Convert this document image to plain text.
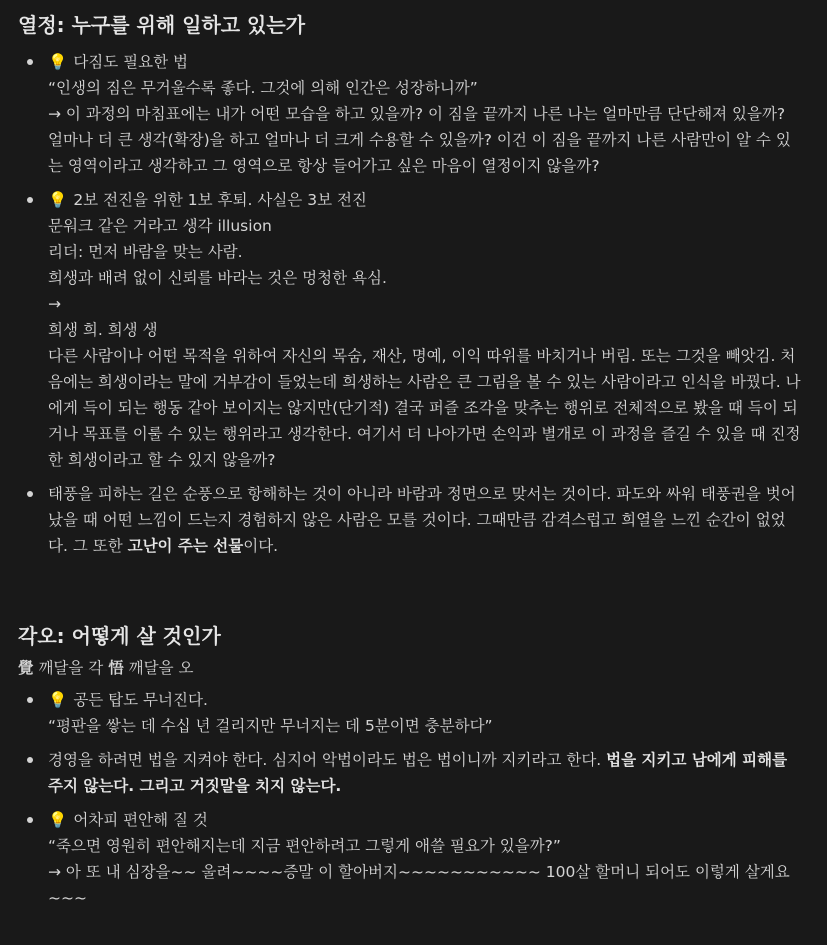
열정: 누구를 위해 일하고 있는가
💡 다짐도 필요한 법
“인생의 짐은 무거울수록 좋다. 그것에 의해 인간은 성장하니까”
→ 이 과정의 마침표에는 내가 어떤 모습을 하고 있을까? 이 짐을 끝까지 나른 나는 얼마만큼 단단해져 있을까? 얼마나 더 큰 생각(확장)을 하고 얼마나 더 크게 수용할 수 있을까? 이건 이 짐을 끝까지 나른 사람만이 알 수 있는 영역이라고 생각하고 그 영역으로 항상 들어가고 싶은 마음이 열정이지 않을까?
💡 2보 전진을 위한 1보 후퇴. 사실은 3보 전진
문워크 같은 거라고 생각 illusion
리더: 먼저 바람을 맞는 사람.
희생과 배려 없이 신뢰를 바라는 것은 멍청한 욕심.
→
희생 희. 희생 생
다른 사람이나 어떤 목적을 위하여 자신의 목숨, 재산, 명예, 이익 따위를 바치거나 버림. 또는 그것을 빼앗김. 처음에는 희생이라는 말에 거부감이 들었는데 희생하는 사람은 큰 그림을 볼 수 있는 사람이라고 인식을 바꿨다. 나에게 득이 되는 행동 같아 보이지는 않지만(단기적) 결국 퍼즐 조각을 맞추는 행위로 전체적으로 봤을 때 득이 되거나 목표를 이룰 수 있는 행위라고 생각한다. 여기서 더 나아가면 손익과 별개로 이 과정을 즐길 수 있을 때 진정한 희생이라고 할 수 있지 않을까?
태풍을 피하는 길은 순풍으로 항해하는 것이 아니라 바람과 정면으로 맞서는 것이다. 파도와 싸워 태풍권을 벗어 났을 때 어떤 느낌이 드는지 경험하지 않은 사람은 모를 것이다. 그때만큼 감격스럽고 희열을 느낀 순간이 없었다. 그 또한 고난이 주는 선물이다.
각오: 어떻게 살 것인가
覺 깨달을 각 悟 깨달을 오
💡 공든 탑도 무너진다.
“평판을 쌓는 데 수십 년 걸리지만 무너지는 데 5분이면 충분하다”
경영을 하려면 법을 지켜야 한다. 심지어 악법이라도 법은 법이니까 지키라고 한다. 법을 지키고 남에게 피해를 주지 않는다. 그리고 거짓말을 치지 않는다.
💡 어차피 편안해 질 것
“죽으면 영원히 편안해지는데 지금 편안하려고 그렇게 애쓸 필요가 있을까?”
→ 아 또 내 심장을~~ 울려~~~~증말 이 할아버지~~~~~~~~~~~ 100살 할머니 되어도 이렇게 살게요~~~
